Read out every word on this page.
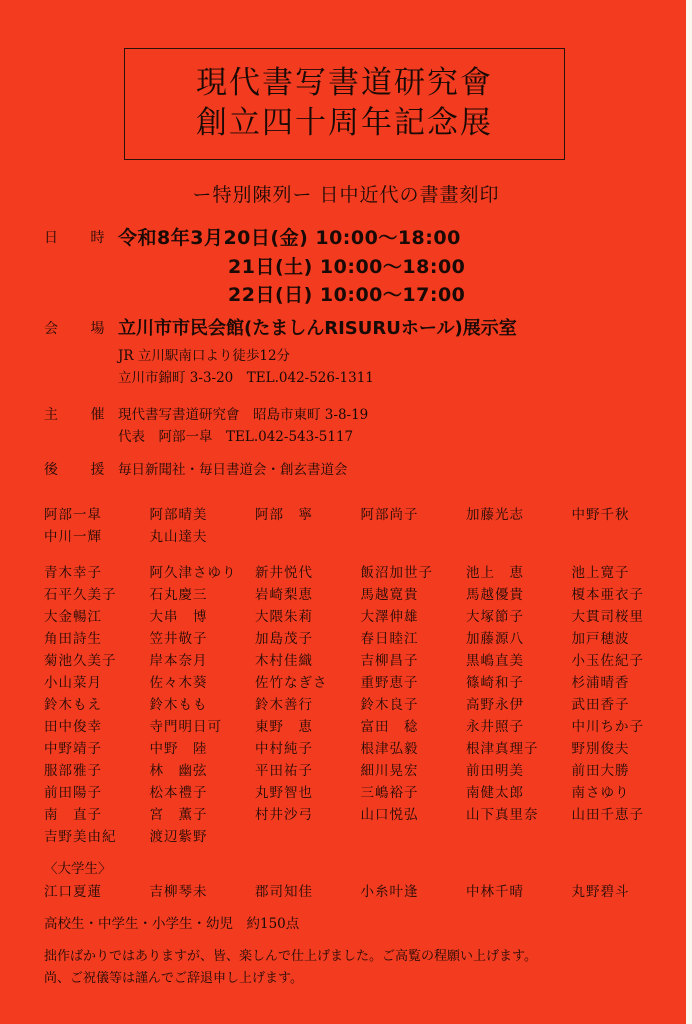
現代書写書道研究會
創立四十周年記念展
ー特別陳列ー 日中近代の書畫刻印
日 時 令和8年3月20日(金) 10:00〜18:00
21日(土) 10:00〜18:00
22日(日) 10:00〜17:00
会 場 立川市市民会館(たましんRISURUホール)展示室
JR 立川駅南口より徒歩12分
立川市錦町 3-3-20　TEL.042-526-1311
主 催 現代書写書道研究會　昭島市東町 3-8-19
代表　阿部一皐　TEL.042-543-5117
後 援 毎日新聞社・毎日書道会・創玄書道会
阿部一皐	阿部晴美	阿部　寧	阿部尚子	加藤光志	中野千秋
中川一輝	丸山達夫
青木幸子	阿久津さゆり	新井悦代	飯沼加世子	池上　恵	池上寛子
石平久美子	石丸慶三	岩崎梨恵	馬越寛貴	馬越優貴	榎本亜衣子
大金暢江	大串　博	大隈朱莉	大澤伸雄	大塚節子	大貫司桜里
角田詩生	笠井敬子	加島茂子	春日睦江	加藤源八	加戸穂波
菊池久美子	岸本奈月	木村佳織	吉柳昌子	黒嶋直美	小玉佐紀子
小山菜月	佐々木葵	佐竹なぎさ	重野恵子	篠崎和子	杉浦晴香
鈴木もえ	鈴木もも	鈴木善行	鈴木良子	高野永伊	武田香子
田中俊幸	寺門明日可	東野　恵	富田　稔	永井照子	中川ちか子
中野靖子	中野　陸	中村純子	根津弘毅	根津真理子	野別俊夫
服部雅子	林　幽弦	平田祐子	細川晃宏	前田明美	前田大勝
前田陽子	松本禮子	丸野智也	三嶋裕子	南健太郎	南さゆり
南　直子	宮　薫子	村井沙弓	山口悦弘	山下真里奈	山田千恵子
吉野美由紀	渡辺紫野
〈大学生〉
江口夏蓮	吉柳琴未	郡司知佳	小糸叶逢	中林千晴	丸野碧斗
高校生・中学生・小学生・幼児　約150点
拙作ばかりではありますが、皆、楽しんで仕上げました。ご高覧の程願い上げます。
尚、ご祝儀等は謹んでご辞退申し上げます。
